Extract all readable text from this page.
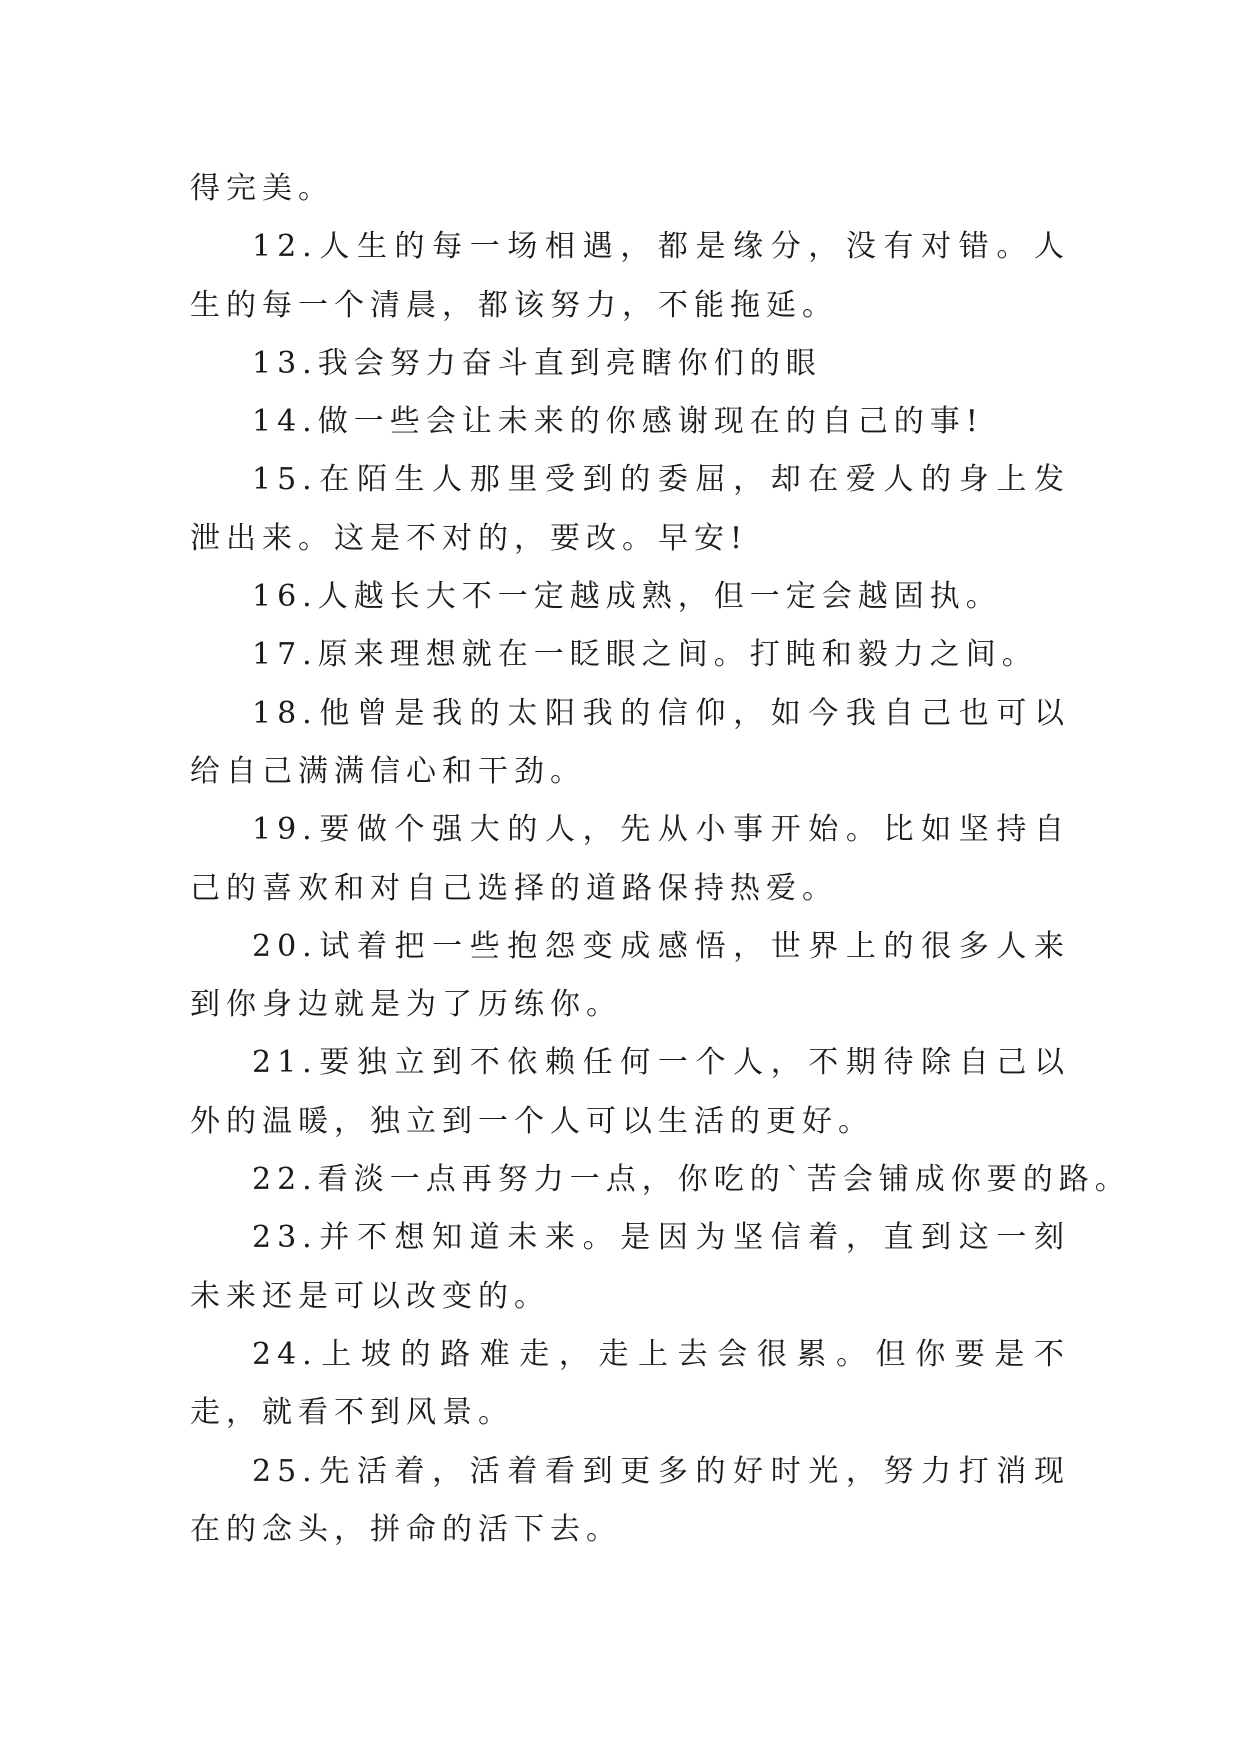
得完美。

12.人生的每一场相遇，都是缘分，没有对错。人生的每一个清晨，都该努力，不能拖延。

13.我会努力奋斗直到亮瞎你们的眼

14.做一些会让未来的你感谢现在的自己的事!

15.在陌生人那里受到的委屈，却在爱人的身上发泄出来。这是不对的，要改。早安!

16.人越长大不一定越成熟，但一定会越固执。

17.原来理想就在一眨眼之间。打盹和毅力之间。

18.他曾是我的太阳我的信仰，如今我自己也可以给自己满满信心和干劲。

19.要做个强大的人，先从小事开始。比如坚持自己的喜欢和对自己选择的道路保持热爱。

20.试着把一些抱怨变成感悟，世界上的很多人来到你身边就是为了历练你。

21.要独立到不依赖任何一个人，不期待除自己以外的温暖，独立到一个人可以生活的更好。

22.看淡一点再努力一点，你吃的`苦会铺成你要的路。

23.并不想知道未来。是因为坚信着，直到这一刻未来还是可以改变的。

24.上坡的路难走，走上去会很累。但你要是不走，就看不到风景。

25.先活着，活着看到更多的好时光，努力打消现在的念头，拼命的活下去。
